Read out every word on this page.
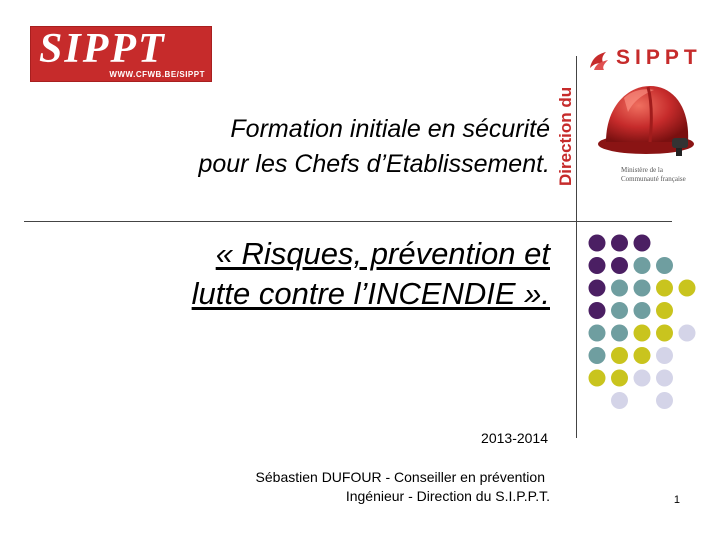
SIPPT
WWW.CFWB.BE/SIPPT
Formation initiale en sécurité
pour les Chefs d’Etablissement.
« Risques, prévention et
lutte contre l’INCENDIE ».
2013-2014
Sébastien DUFOUR - Conseiller en prévention
Ingénieur - Direction du S.I.P.P.T.	1
Direction du
SIPPT
Ministère de la
Communauté française
